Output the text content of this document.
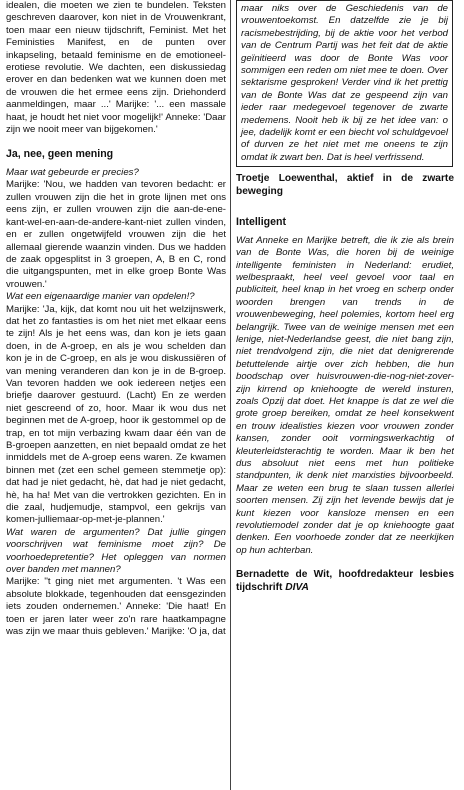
idealen, die moeten we zien te bundelen. Teksten geschreven daarover, kon niet in de Vrouwenkrant, toen maar een nieuw tijdschrift, Feminist. Met het Feministies Manifest, en de punten over inkapseling, betaald feminisme en de emotioneel-erotiese revolutie. We dachten, een diskussiedag erover en dan bedenken wat we kunnen doen met de vrouwen die het ermee eens zijn. Driehonderd aanmeldingen, maar ...' Marijke: '... een massale haat, je houdt het niet voor mogelijk!' Anneke: 'Daar zijn we nooit meer van bijgekomen.'

Ja, nee, geen mening

Maar wat gebeurde er precies?

Marijke: 'Nou, we hadden van tevoren bedacht: er zullen vrouwen zijn die het in grote lijnen met ons eens zijn, er zullen vrouwen zijn die aan-de-ene-kant-wel-en-aan-de-andere-kant-niet zullen vinden, en er zullen ongetwijfeld vrouwen zijn die het allemaal gierende waanzin vinden. Dus we hadden de zaak opgesplitst in 3 groepen, A, B en C, rond die uitgangspunten, met in elke groep Bonte Was vrouwen.'

Wat een eigenaardige manier van opdelen!?

Marijke: 'Ja, kijk, dat komt nou uit het welzijnswerk, dat het zo fantasties is om het niet met elkaar eens te zijn! Als je het eens was, dan kon je iets gaan doen, in de A-groep, en als je wou schelden dan kon je in de C-groep, en als je wou diskussiëren of van mening veranderen dan kon je in de B-groep. Van tevoren hadden we ook iedereen netjes een briefje daarover gestuurd. (Lacht) En ze werden niet gescreend of zo, hoor. Maar ik wou dus net beginnen met de A-groep, hoor ik gestommel op de trap, en tot mijn verbazing kwam daar één van de B-groepen aanzetten, en niet bepaald omdat ze het inmiddels met de A-groep eens waren. Ze kwamen binnen met (zet een schel gemeen stemmetje op): dat had je niet gedacht, hè, dat had je niet gedacht, hè, ha ha! Met van die vertrokken gezichten. En in die zaal, hudjemudje, stampvol, een gekrijs van komen-julliemaar-op-met-je-plannen.'

Wat waren de argumenten? Dat jullie gingen voorschrijven wat feminisme moet zijn? De voorhoedepretentie? Het opleggen van normen over banden met mannen?

Marijke: ''t ging niet met argumenten. 't Was een absolute blokkade, tegenhouden dat eensgezinden iets zouden ondernemen.' Anneke: 'Die haat! En toen er jaren later weer zo'n rare haatkampagne was zijn we maar thuis gebleven.' Marijke: 'O ja, dat

maar niks over de Geschiedenis van de vrouwentoekomst. En datzelfde zie je bij racismebestrijding, bij de aktie voor het verbod van de Centrum Partij was het feit dat de aktie geïnitieerd was door de Bonte Was voor sommigen een reden om niet mee te doen. Over sektarisme gesproken! Verder vind ik het prettig van de Bonte Was dat ze gespeend zijn van ieder raar medegevoel tegenover de zwarte medemens. Nooit heb ik bij ze het idee van: o jee, dadelijk komt er een biecht vol schuldgevoel of durven ze het niet met me oneens te zijn omdat ik zwart ben. Dat is heel verfrissend.

Troetje Loewenthal, aktief in de zwarte beweging

Intelligent

Wat Anneke en Marijke betreft, die ik zie als brein van de Bonte Was, die horen bij de weinige intelligente feministen in Nederland: erudiet, welbespraakt, heel veel gevoel voor taal en publiciteit, heel knap in het vroeg en scherp onder woorden brengen van trends in de vrouwenbeweging, heel polemies, kortom heel erg belangrijk. Twee van de weinige mensen met een lenige, niet-Nederlandse geest, die niet bang zijn, niet trendvolgend zijn, die niet dat denigrerende betuttelende airtje over zich hebben, die hun boodschap over huisvrouwen-die-nog-niet-zover-zijn kirrend op kniehoogte de wereld insturen, zoals Opzij dat doet. Het knappe is dat ze wel die grote groep bereiken, omdat ze heel konsekwent en trouw idealisties kiezen voor vrouwen zonder kansen, zonder ooit vormingswerkachtig of kleuterleidsterachtig te worden. Maar ik ben het dus absoluut niet eens met hun politieke standpunten, ik denk niet marxisties bijvoorbeeld. Maar ze weten een brug te slaan tussen allerlei soorten mensen. Zij zijn het levende bewijs dat je kunt kiezen voor kansloze mensen en een revolutiemodel zonder dat je op kniehoogte gaat denken. Een voorhoede zonder dat ze neerkijken op hun achterban.

Bernadette de Wit, hoofdredakteur lesbies tijdschrift DIVA
